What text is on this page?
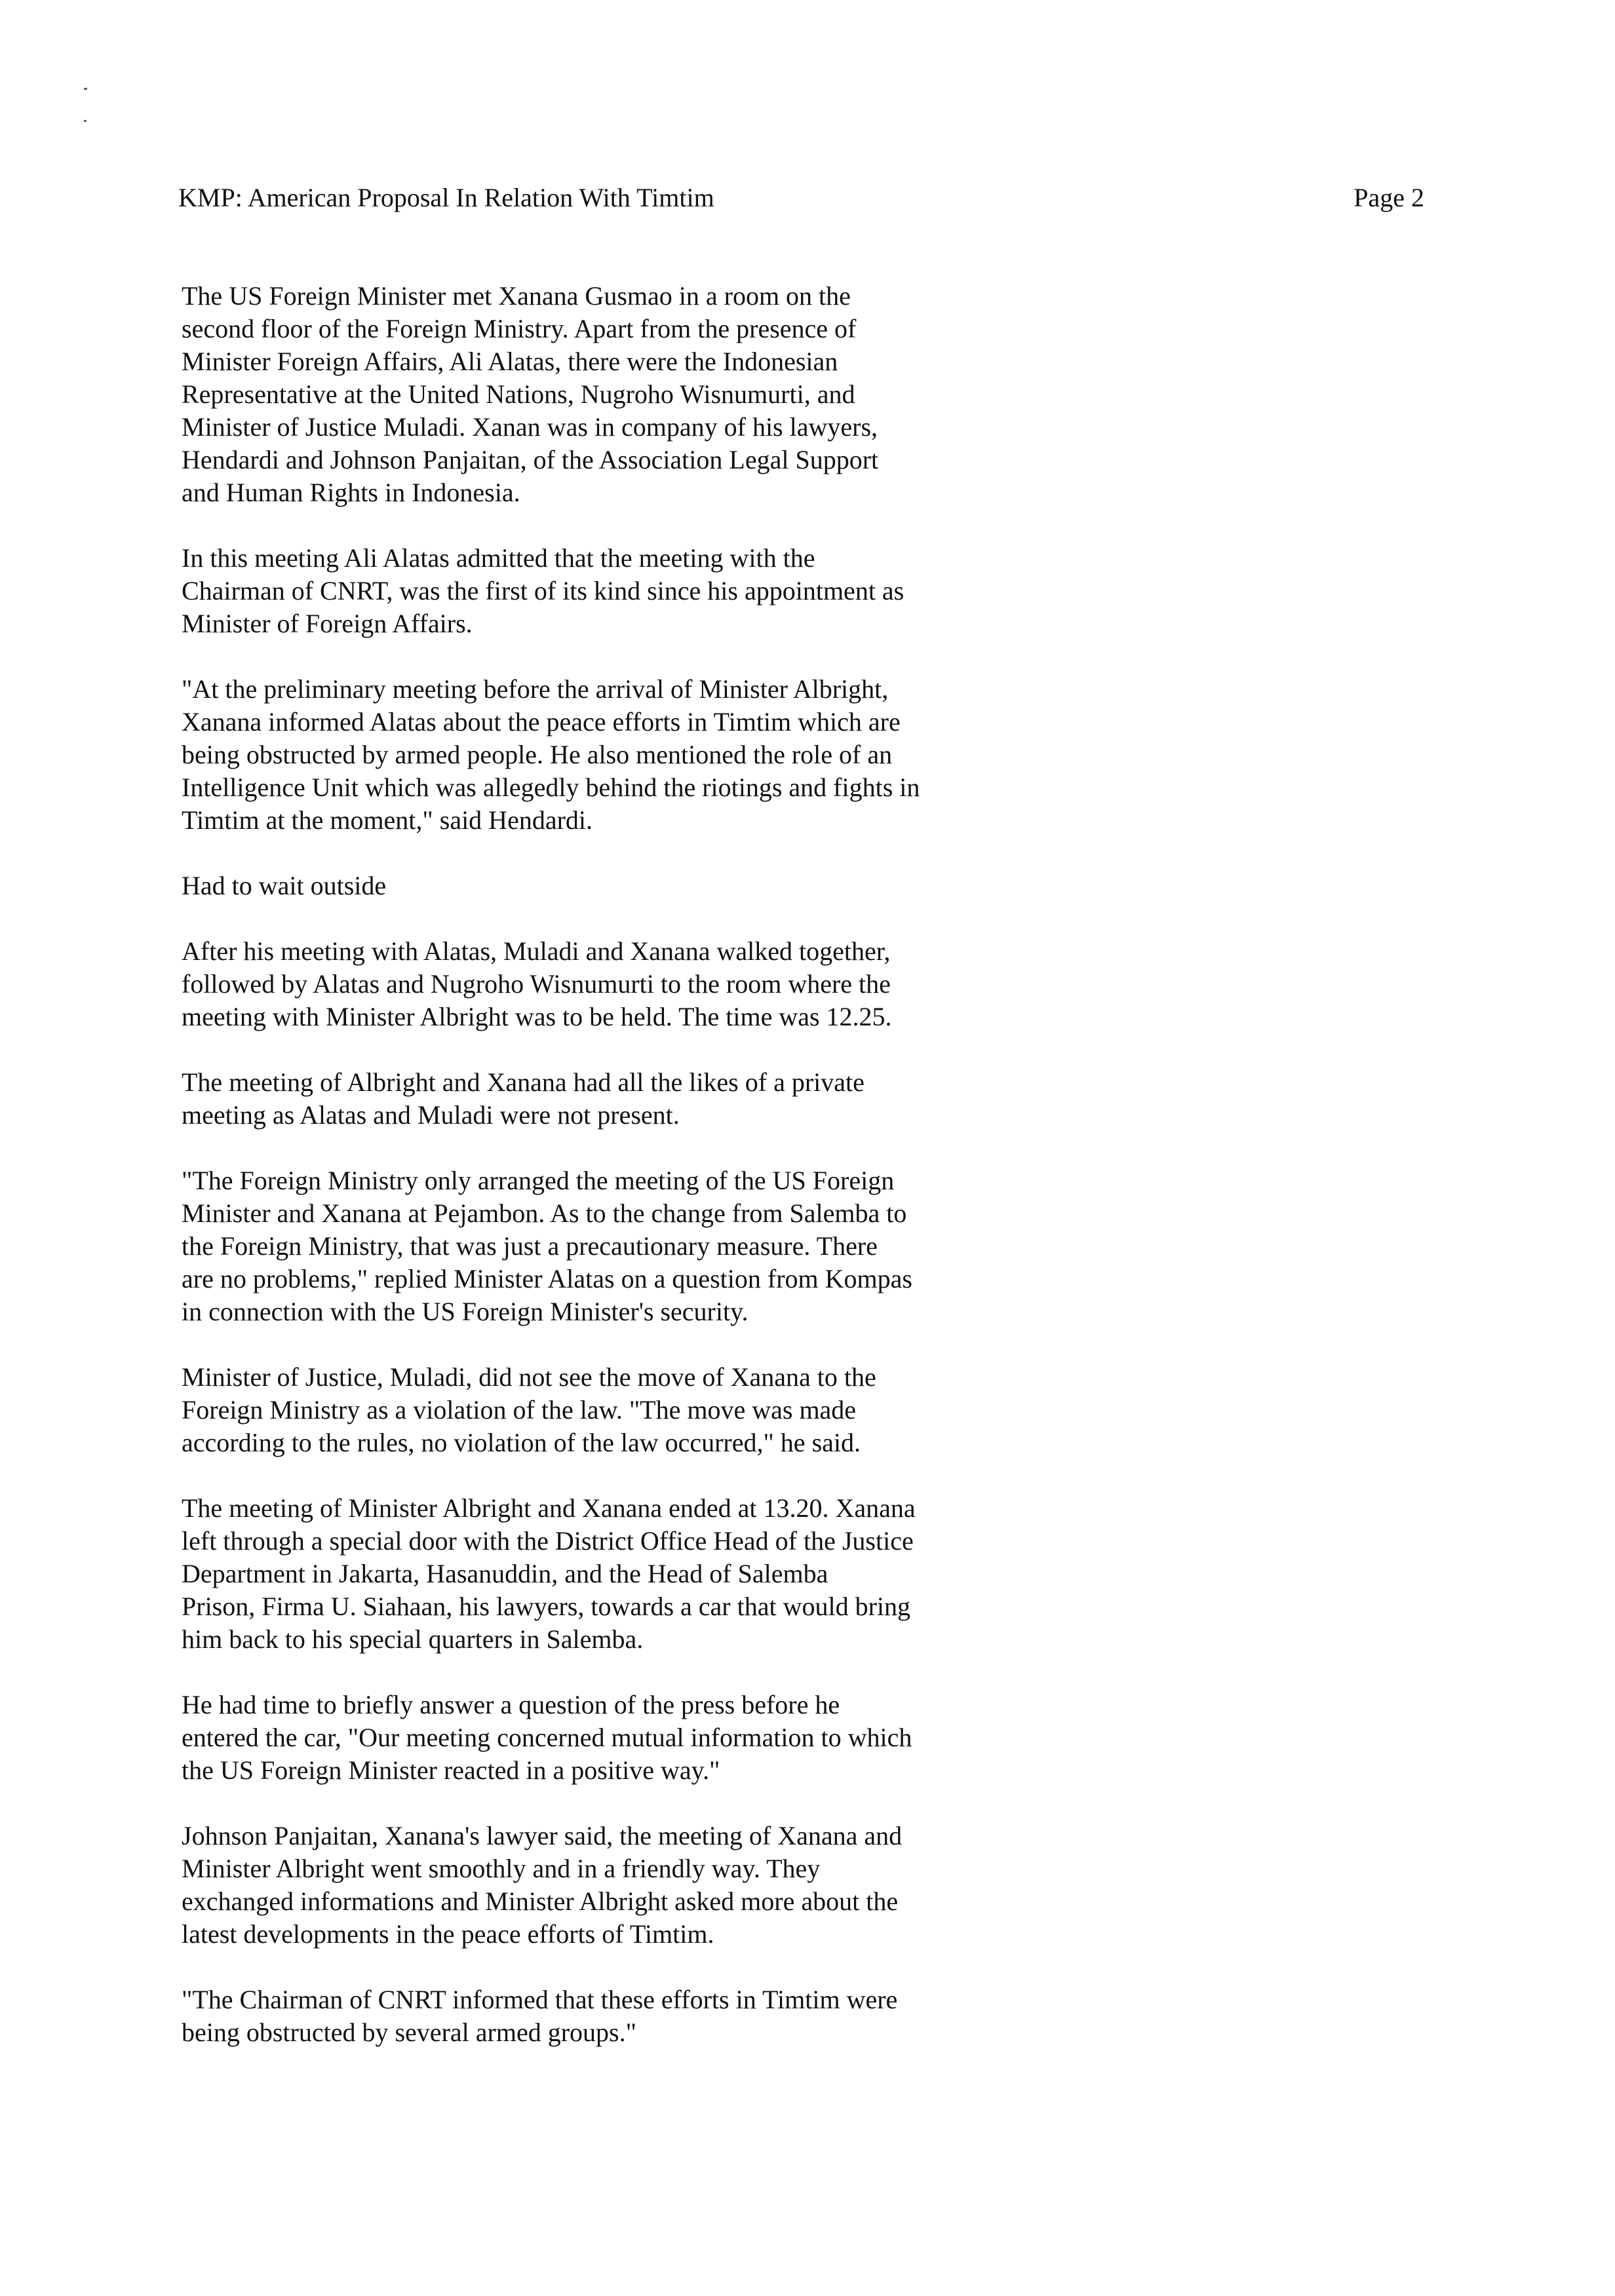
KMP: American Proposal In Relation With Timtim	Page 2

The US Foreign Minister met Xanana Gusmao in a room on the
second floor of the Foreign Ministry. Apart from the presence of
Minister Foreign Affairs, Ali Alatas, there were the Indonesian
Representative at the United Nations, Nugroho Wisnumurti, and
Minister of Justice Muladi. Xanan was in company of his lawyers,
Hendardi and Johnson Panjaitan, of the Association Legal Support
and Human Rights in Indonesia.

In this meeting Ali Alatas admitted that the meeting with the
Chairman of CNRT, was the first of its kind since his appointment as
Minister of Foreign Affairs.

"At the preliminary meeting before the arrival of Minister Albright,
Xanana informed Alatas about the peace efforts in Timtim which are
being obstructed by armed people. He also mentioned the role of an
Intelligence Unit which was allegedly behind the riotings and fights in
Timtim at the moment," said Hendardi.

Had to wait outside

After his meeting with Alatas, Muladi and Xanana walked together,
followed by Alatas and Nugroho Wisnumurti to the room where the
meeting with Minister Albright was to be held. The time was 12.25.

The meeting of Albright and Xanana had all the likes of a private
meeting as Alatas and Muladi were not present.

"The Foreign Ministry only arranged the meeting of the US Foreign
Minister and Xanana at Pejambon. As to the change from Salemba to
the Foreign Ministry, that was just a precautionary measure. There
are no problems," replied Minister Alatas on a question from Kompas
in connection with the US Foreign Minister's security.

Minister of Justice, Muladi, did not see the move of Xanana to the
Foreign Ministry as a violation of the law. "The move was made
according to the rules, no violation of the law occurred," he said.

The meeting of Minister Albright and Xanana ended at 13.20. Xanana
left through a special door with the District Office Head of the Justice
Department in Jakarta, Hasanuddin, and the Head of Salemba
Prison, Firma U. Siahaan, his lawyers, towards a car that would bring
him back to his special quarters in Salemba.

He had time to briefly answer a question of the press before he
entered the car, "Our meeting concerned mutual information to which
the US Foreign Minister reacted in a positive way."

Johnson Panjaitan, Xanana's lawyer said, the meeting of Xanana and
Minister Albright went smoothly and in a friendly way. They
exchanged informations and Minister Albright asked more about the
latest developments in the peace efforts of Timtim.

"The Chairman of CNRT informed that these efforts in Timtim were
being obstructed by several armed groups."
